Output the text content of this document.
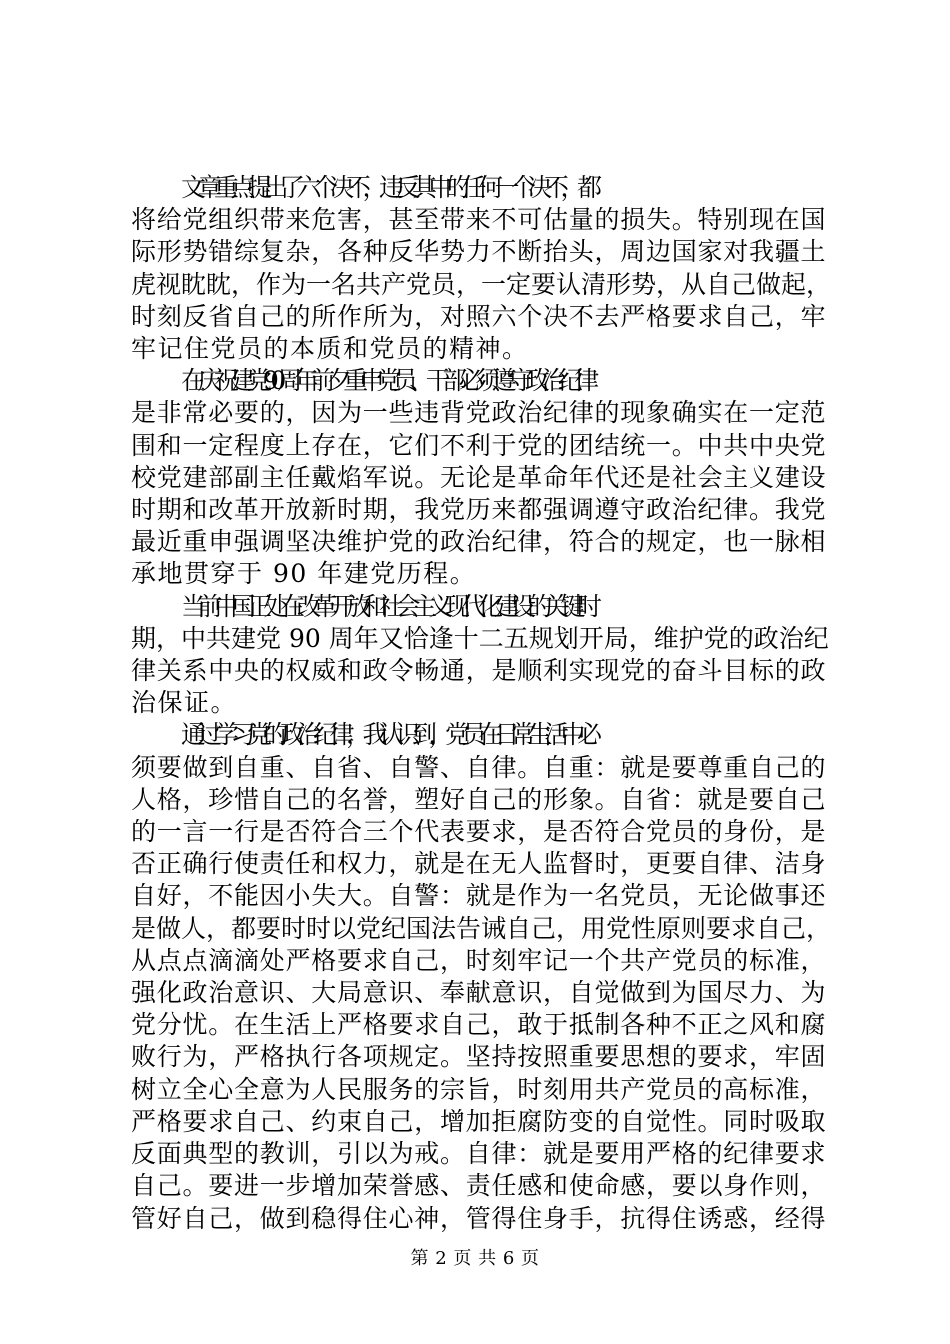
文章重点提出了六个决不，违反其中的任何一个决不，都
将给党组织带来危害，甚至带来不可估量的损失。特别现在国
际形势错综复杂，各种反华势力不断抬头，周边国家对我疆土
虎视眈眈，作为一名共产党员，一定要认清形势，从自己做起，
时刻反省自己的所作所为，对照六个决不去严格要求自己，牢
牢记住党员的本质和党员的精神。

在庆祝建党 90 周年前夕重申党员、干部必须遵守政治纪律
是非常必要的，因为一些违背党政治纪律的现象确实在一定范
围和一定程度上存在，它们不利于党的团结统一。中共中央党
校党建部副主任戴焰军说。无论是革命年代还是社会主义建设
时期和改革开放新时期，我党历来都强调遵守政治纪律。我党
最近重申强调坚决维护党的政治纪律，符合的规定，也一脉相
承地贯穿于 90 年建党历程。

当前中国正处在改革开放和社会主义现代化建设的关键时
期，中共建党 90 周年又恰逢十二五规划开局，维护党的政治纪
律关系中央的权威和政令畅通，是顺利实现党的奋斗目标的政
治保证。

通过学习党的政治纪律，我认识到，党员在日常生活中必
须要做到自重、自省、自警、自律。自重：就是要尊重自己的
人格，珍惜自己的名誉，塑好自己的形象。自省：就是要自己
的一言一行是否符合三个代表要求，是否符合党员的身份，是
否正确行使责任和权力，就是在无人监督时，更要自律、洁身
自好，不能因小失大。自警：就是作为一名党员，无论做事还
是做人，都要时时以党纪国法告诫自己，用党性原则要求自己，
从点点滴滴处严格要求自己，时刻牢记一个共产党员的标准，
强化政治意识、大局意识、奉献意识，自觉做到为国尽力、为
党分忧。在生活上严格要求自己，敢于抵制各种不正之风和腐
败行为，严格执行各项规定。坚持按照重要思想的要求，牢固
树立全心全意为人民服务的宗旨，时刻用共产党员的高标准，
严格要求自己、约束自己，增加拒腐防变的自觉性。同时吸取
反面典型的教训，引以为戒。自律：就是要用严格的纪律要求
自己。要进一步增加荣誉感、责任感和使命感，要以身作则，
管好自己，做到稳得住心神，管得住身手，抗得住诱惑，经得

第 2 页 共 6 页
